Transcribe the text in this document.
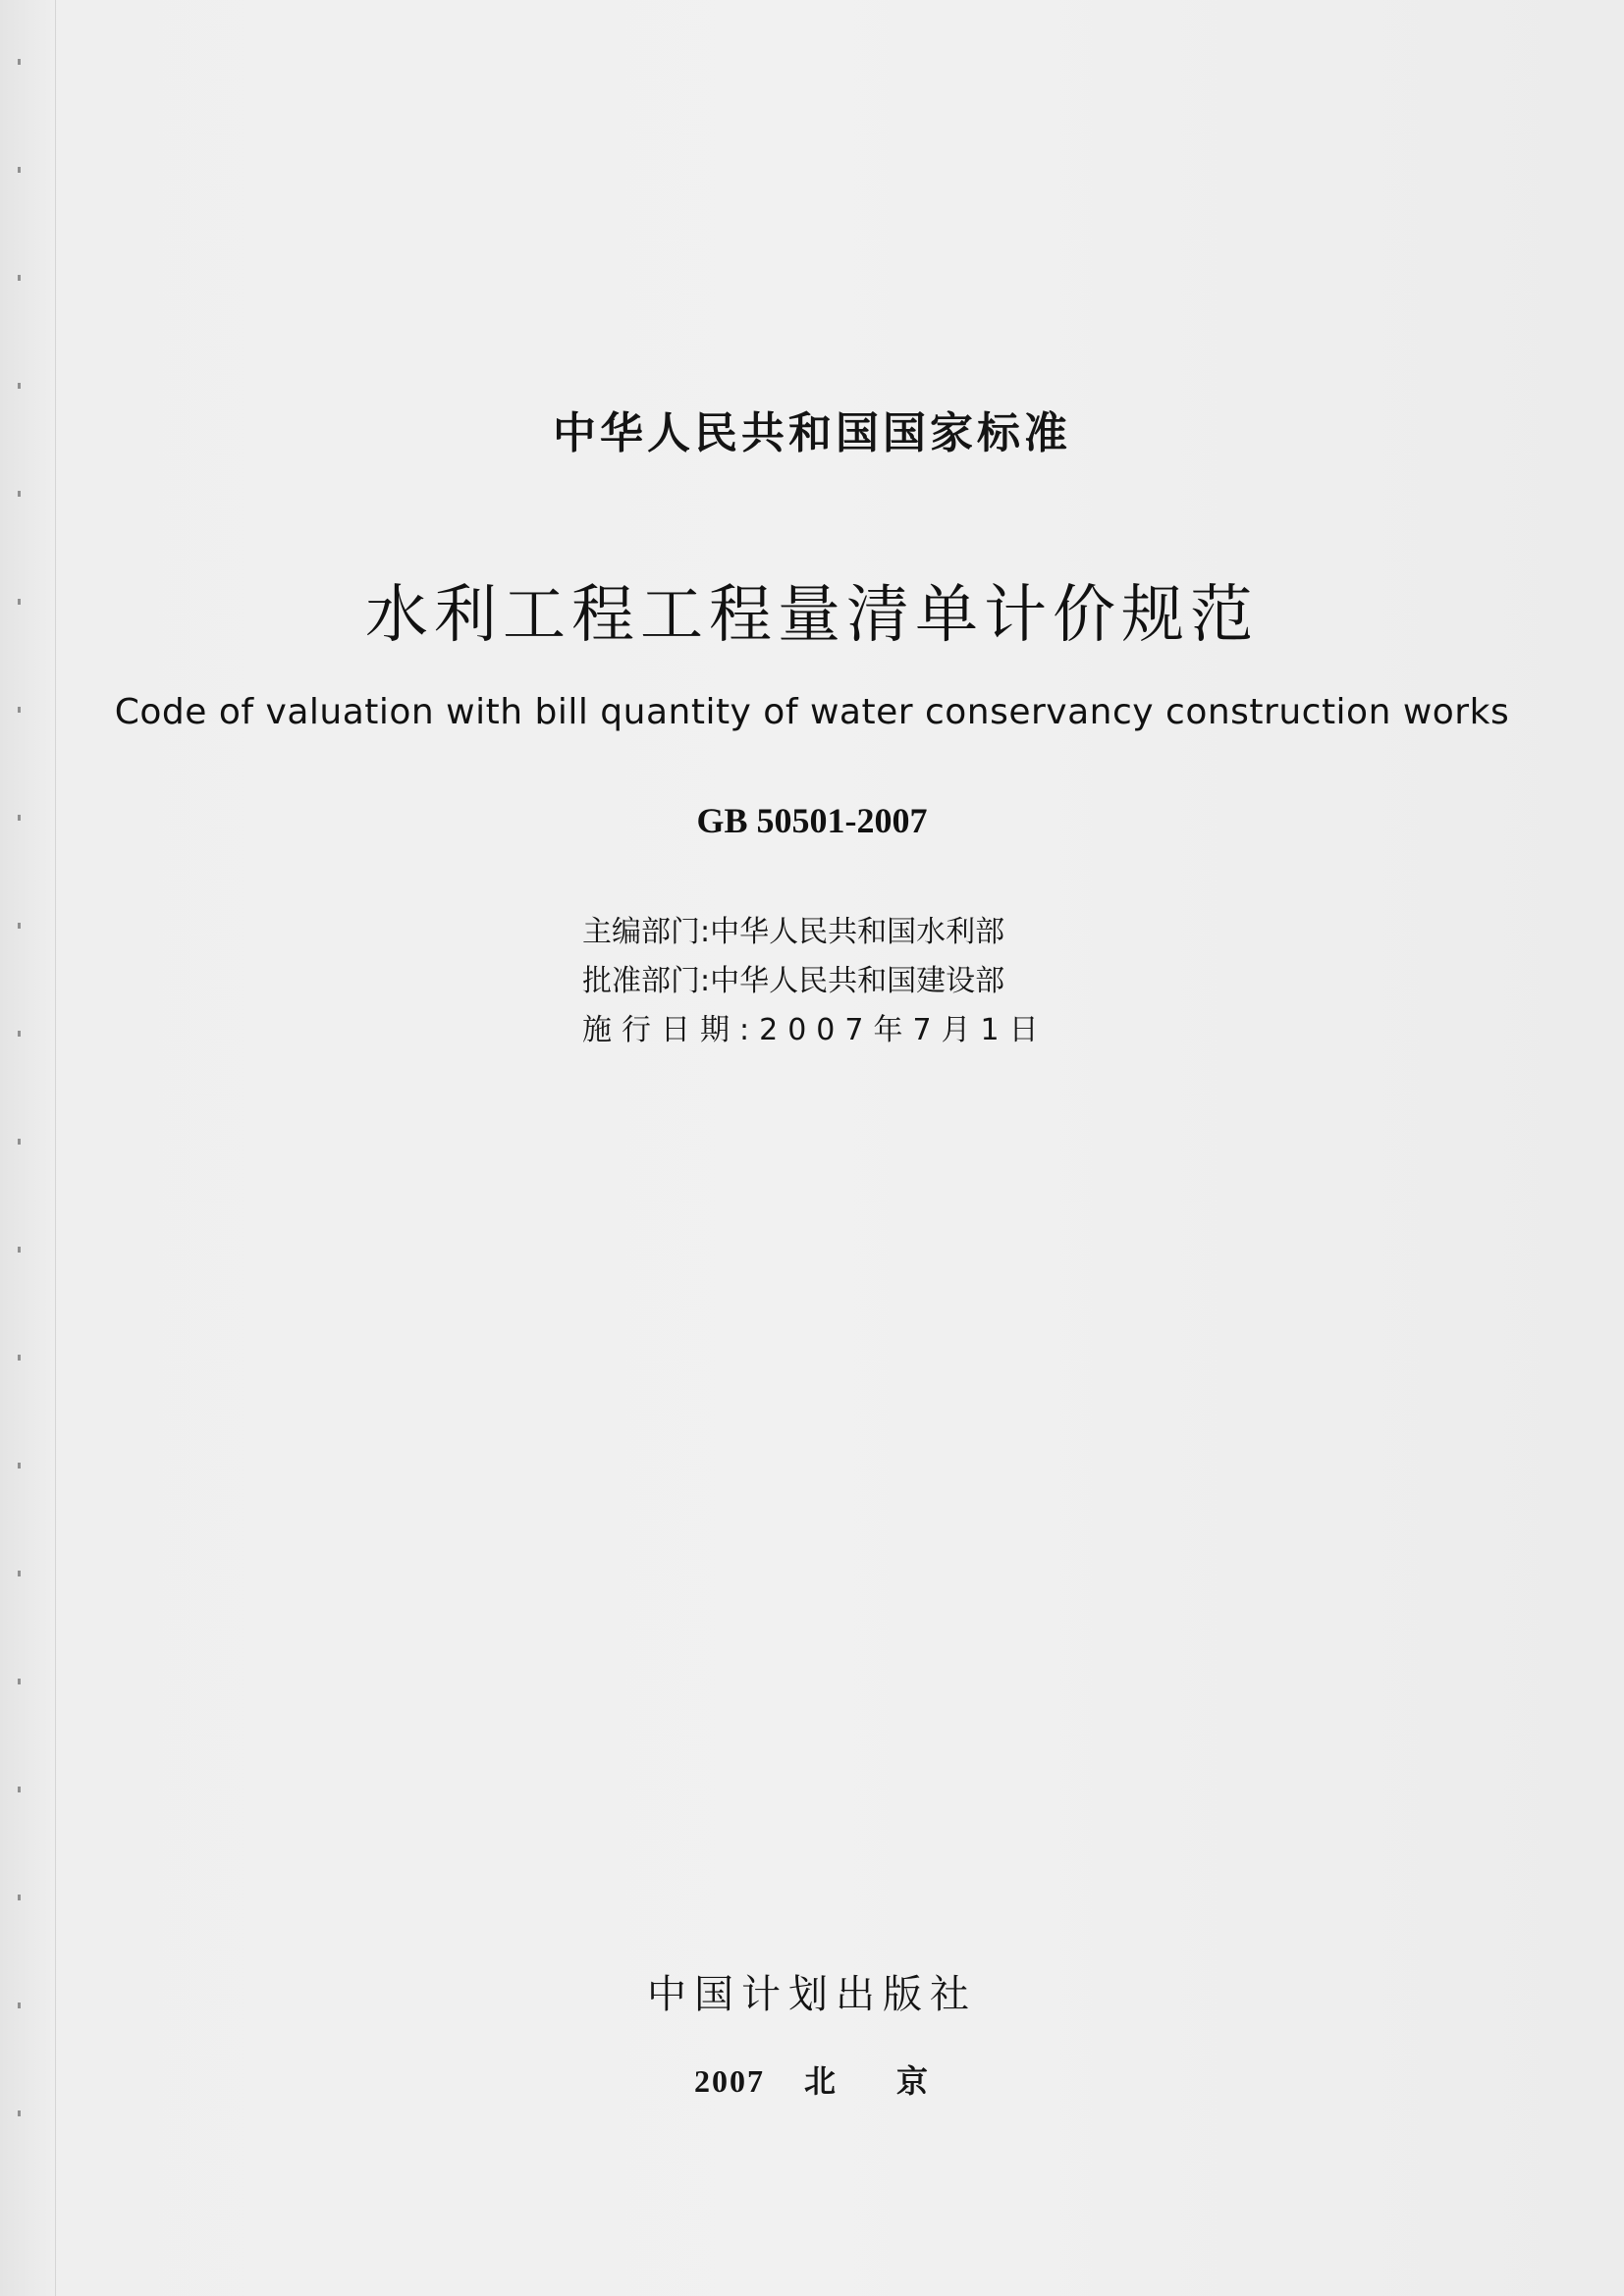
中华人民共和国国家标准
水利工程工程量清单计价规范
Code of valuation with bill quantity of water conservancy construction works
GB 50501-2007
主编部门:中华人民共和国水利部
批准部门:中华人民共和国建设部
施行日期:2007年7月1日
中国计划出版社
2007 北 京
